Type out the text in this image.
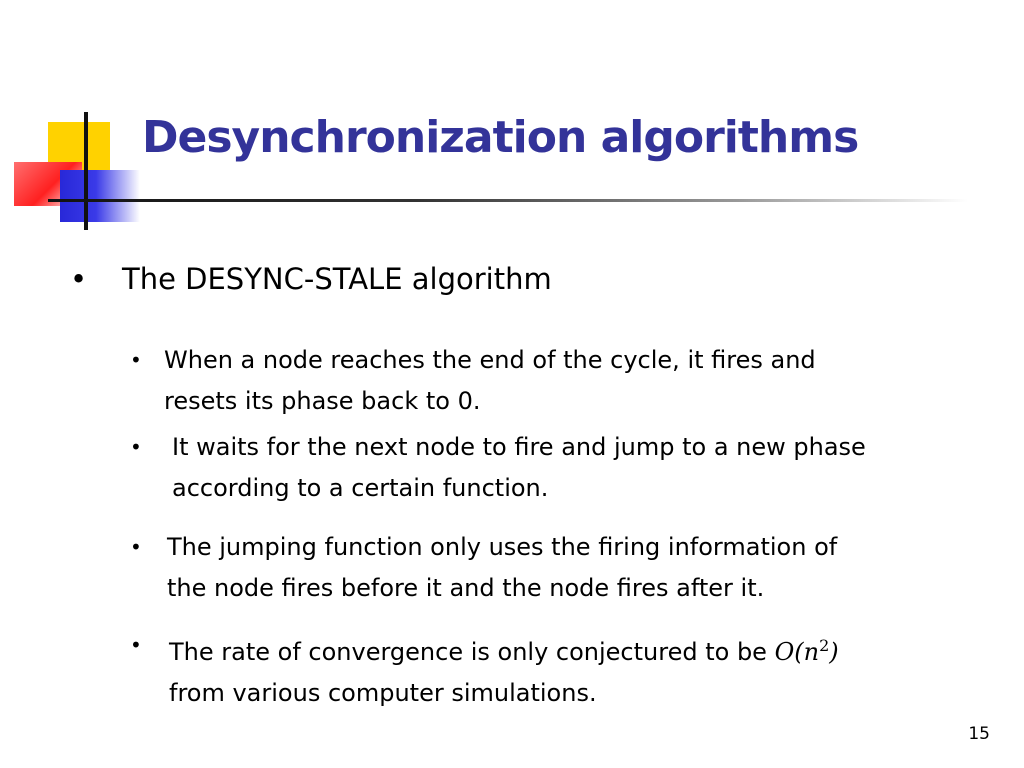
Desynchronization algorithms
• The DESYNC-STALE algorithm
• When a node reaches the end of the cycle, it fires and
resets its phase back to 0.
• It waits for the next node to fire and jump to a new phase
according to a certain function.
• The jumping function only uses the firing information of
the node fires before it and the node fires after it.
• The rate of convergence is only conjectured to be $O(n^2)$
from various computer simulations.
15
